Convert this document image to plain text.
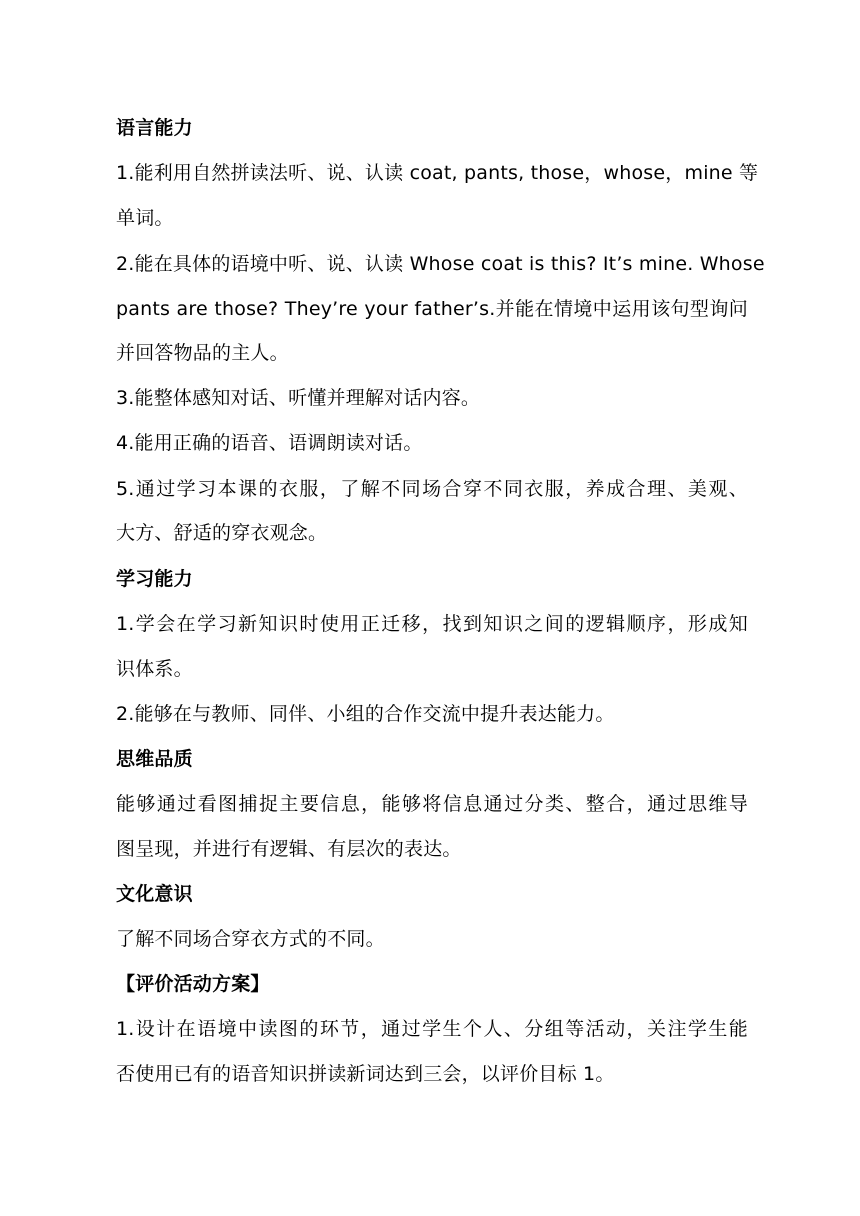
语言能力
1.能利用自然拼读法听、说、认读 coat, pants, those，whose，mine 等
单词。
2.能在具体的语境中听、说、认读 Whose coat is this? It’s mine. Whose
pants are those? They’re your father’s.并能在情境中运用该句型询问
并回答物品的主人。
3.能整体感知对话、听懂并理解对话内容。
4.能用正确的语音、语调朗读对话。
5.通过学习本课的衣服，了解不同场合穿不同衣服，养成合理、美观、
大方、舒适的穿衣观念。
学习能力
1.学会在学习新知识时使用正迁移，找到知识之间的逻辑顺序，形成知
识体系。
2.能够在与教师、同伴、小组的合作交流中提升表达能力。
思维品质
能够通过看图捕捉主要信息，能够将信息通过分类、整合，通过思维导
图呈现，并进行有逻辑、有层次的表达。
文化意识
了解不同场合穿衣方式的不同。
【评价活动方案】
1.设计在语境中读图的环节，通过学生个人、分组等活动，关注学生能
否使用已有的语音知识拼读新词达到三会，以评价目标 1。
